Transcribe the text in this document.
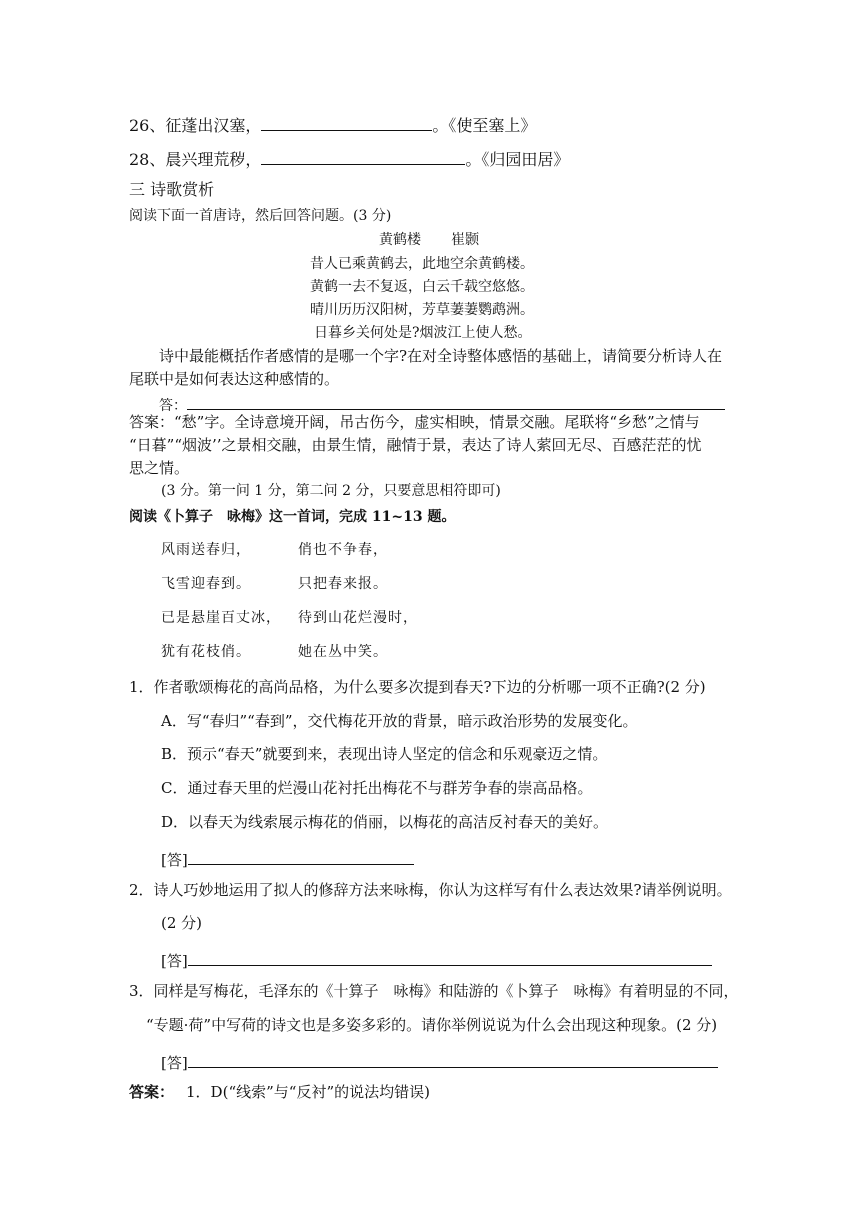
26、征蓬出汉塞，	。《使至塞上》
28、晨兴理荒秽，	。《归园田居》
三 诗歌赏析
阅读下面一首唐诗，然后回答问题。(3 分)
黄鹤楼 崔颢
昔人已乘黄鹤去，此地空余黄鹤楼。
黄鹤一去不复返，白云千载空悠悠。
晴川历历汉阳树，芳草萋萋鹦鹉洲。
日暮乡关何处是?烟波江上使人愁。
诗中最能概括作者感情的是哪一个字?在对全诗整体感悟的基础上，请简要分析诗人在
尾联中是如何表达这种感情的。
答：
答案：“愁”字。全诗意境开阔，吊古伤今，虚实相映，情景交融。尾联将“乡愁”之情与
“日暮”“烟波’’之景相交融，由景生情，融情于景，表达了诗人萦回无尽、百感茫茫的忧
思之情。
(3 分。第一问 1 分，第二问 2 分，只要意思相符即可)
阅读《卜算子　咏梅》这一首词，完成 11~13 题。
风雨送春归，	俏也不争春，
飞雪迎春到。	只把春来报。
已是悬崖百丈冰， 待到山花烂漫时，
犹有花枝俏。	她在丛中笑。
1．作者歌颂梅花的高尚品格，为什么要多次提到春天?下边的分析哪一项不正确?(2 分)
A．写“春归”“春到”，交代梅花开放的背景，暗示政治形势的发展变化。
B．预示“春天”就要到来，表现出诗人坚定的信念和乐观豪迈之情。
C．通过春天里的烂漫山花衬托出梅花不与群芳争春的崇高品格。
D．以春天为线索展示梅花的俏丽，以梅花的高洁反衬春天的美好。
[答]
2．诗人巧妙地运用了拟人的修辞方法来咏梅，你认为这样写有什么表达效果?请举例说明。
(2 分)
[答]
3．同样是写梅花，毛泽东的《十算子　咏梅》和陆游的《卜算子　咏梅》有着明显的不同，
“专题·荷”中写荷的诗文也是多姿多彩的。请你举例说说为什么会出现这种现象。(2 分)
[答]
答案： 1．D(“线索”与“反衬”的说法均错误)
